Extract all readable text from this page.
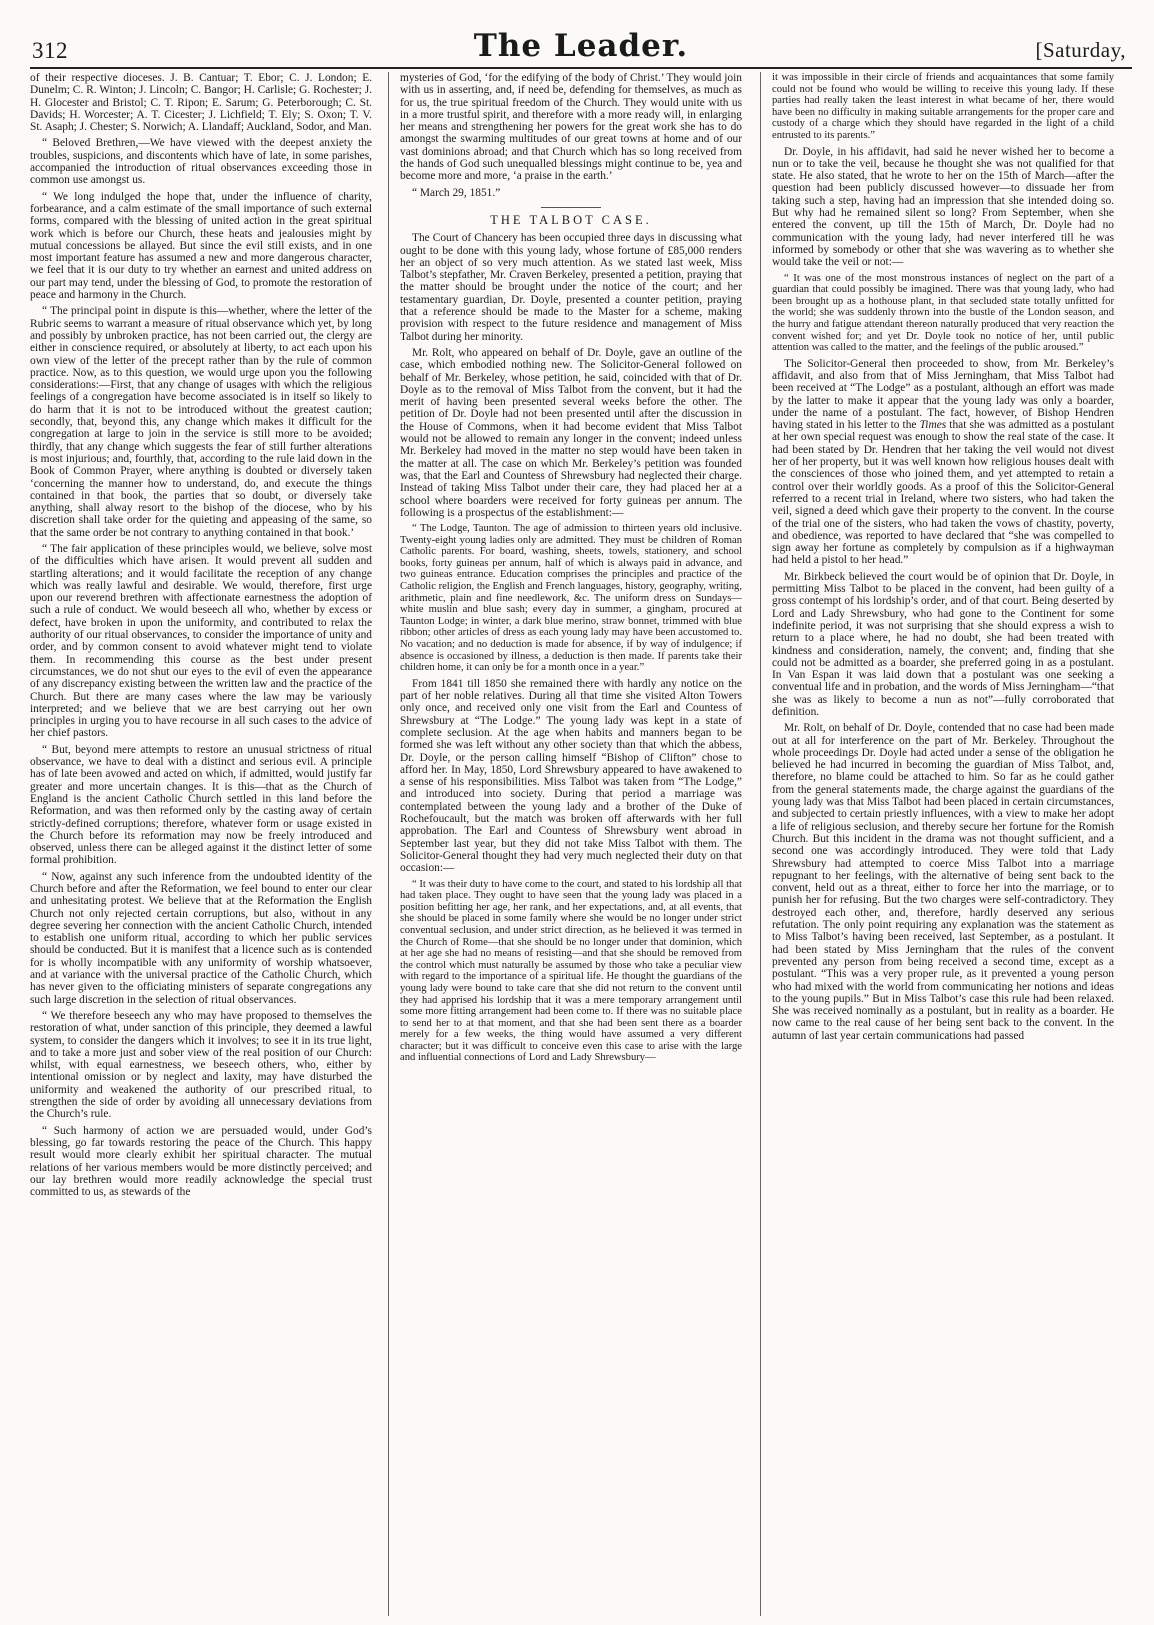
312	The Leader.	[Saturday,

of their respective dioceses. J. B. Cantuar; T. Ebor; C. J. London; E. Dunelm; C. R. Winton; J. Lincoln; C. Bangor; H. Carlisle; G. Rochester; J. H. Glocester and Bristol; C. T. Ripon; E. Sarum; G. Peterborough; C. St. Davids; H. Worcester; A. T. Cicester; J. Lichfield; T. Ely; S. Oxon; T. V. St. Asaph; J. Chester; S. Norwich; A. Llandaff; Auckland, Sodor, and Man.

“ Beloved Brethren,—We have viewed with the deepest anxiety the troubles, suspicions, and discontents which have of late, in some parishes, accompanied the introduction of ritual observances exceeding those in common use amongst us.

“ We long indulged the hope that, under the influence of charity, forbearance, and a calm estimate of the small importance of such external forms, compared with the blessing of united action in the great spiritual work which is before our Church, these heats and jealousies might by mutual concessions be allayed. But since the evil still exists, and in one most important feature has assumed a new and more dangerous character, we feel that it is our duty to try whether an earnest and united address on our part may tend, under the blessing of God, to promote the restoration of peace and harmony in the Church.

“ The principal point in dispute is this—whether, where the letter of the Rubric seems to warrant a measure of ritual observance which yet, by long and possibly by unbroken practice, has not been carried out, the clergy are either in conscience required, or absolutely at liberty, to act each upon his own view of the letter of the precept rather than by the rule of common practice. Now, as to this question, we would urge upon you the following considerations:—First, that any change of usages with which the religious feelings of a congregation have become associated is in itself so likely to do harm that it is not to be introduced without the greatest caution; secondly, that, beyond this, any change which makes it difficult for the congregation at large to join in the service is still more to be avoided; thirdly, that any change which suggests the fear of still further alterations is most injurious; and, fourthly, that, according to the rule laid down in the Book of Common Prayer, where anything is doubted or diversely taken ‘concerning the manner how to understand, do, and execute the things contained in that book, the parties that so doubt, or diversely take anything, shall alway resort to the bishop of the diocese, who by his discretion shall take order for the quieting and appeasing of the same, so that the same order be not contrary to anything contained in that book.’

“ The fair application of these principles would, we believe, solve most of the difficulties which have arisen. It would prevent all sudden and startling alterations; and it would facilitate the reception of any change which was really lawful and desirable. We would, therefore, first urge upon our reverend brethren with affectionate earnestness the adoption of such a rule of conduct. We would beseech all who, whether by excess or defect, have broken in upon the uniformity, and contributed to relax the authority of our ritual observances, to consider the importance of unity and order, and by common consent to avoid whatever might tend to violate them. In recommending this course as the best under present circumstances, we do not shut our eyes to the evil of even the appearance of any discrepancy existing between the written law and the practice of the Church. But there are many cases where the law may be variously interpreted; and we believe that we are best carrying out her own principles in urging you to have recourse in all such cases to the advice of her chief pastors.

“ But, beyond mere attempts to restore an unusual strictness of ritual observance, we have to deal with a distinct and serious evil. A principle has of late been avowed and acted on which, if admitted, would justify far greater and more uncertain changes. It is this—that as the Church of England is the ancient Catholic Church settled in this land before the Reformation, and was then reformed only by the casting away of certain strictly-defined corruptions; therefore, whatever form or usage existed in the Church before its reformation may now be freely introduced and observed, unless there can be alleged against it the distinct letter of some formal prohibition.

“ Now, against any such inference from the undoubted identity of the Church before and after the Reformation, we feel bound to enter our clear and unhesitating protest. We believe that at the Reformation the English Church not only rejected certain corruptions, but also, without in any degree severing her connection with the ancient Catholic Church, intended to establish one uniform ritual, according to which her public services should be conducted. But it is manifest that a licence such as is contended for is wholly incompatible with any uniformity of worship whatsoever, and at variance with the universal practice of the Catholic Church, which has never given to the officiating ministers of separate congregations any such large discretion in the selection of ritual observances.

“ We therefore beseech any who may have proposed to themselves the restoration of what, under sanction of this principle, they deemed a lawful system, to consider the dangers which it involves; to see it in its true light, and to take a more just and sober view of the real position of our Church: whilst, with equal earnestness, we beseech others, who, either by intentional omission or by neglect and laxity, may have disturbed the uniformity and weakened the authority of our prescribed ritual, to strengthen the side of order by avoiding all unnecessary deviations from the Church’s rule.

“ Such harmony of action we are persuaded would, under God’s blessing, go far towards restoring the peace of the Church. This happy result would more clearly exhibit her spiritual character. The mutual relations of her various members would be more distinctly perceived; and our lay brethren would more readily acknowledge the special trust committed to us, as stewards of the

mysteries of God, ‘for the edifying of the body of Christ.’ They would join with us in asserting, and, if need be, defending for themselves, as much as for us, the true spiritual freedom of the Church. They would unite with us in a more trustful spirit, and therefore with a more ready will, in enlarging her means and strengthening her powers for the great work she has to do amongst the swarming multitudes of our great towns at home and of our vast dominions abroad; and that Church which has so long received from the hands of God such unequalled blessings might continue to be, yea and become more and more, ‘a praise in the earth.’

“ March 29, 1851.”

THE TALBOT CASE.

The Court of Chancery has been occupied three days in discussing what ought to be done with this young lady, whose fortune of £85,000 renders her an object of so very much attention. As we stated last week, Miss Talbot’s stepfather, Mr. Craven Berkeley, presented a petition, praying that the matter should be brought under the notice of the court; and her testamentary guardian, Dr. Doyle, presented a counter petition, praying that a reference should be made to the Master for a scheme, making provision with respect to the future residence and management of Miss Talbot during her minority.

Mr. Rolt, who appeared on behalf of Dr. Doyle, gave an outline of the case, which embodied nothing new. The Solicitor-General followed on behalf of Mr. Berkeley, whose petition, he said, coincided with that of Dr. Doyle as to the removal of Miss Talbot from the convent, but it had the merit of having been presented several weeks before the other. The petition of Dr. Doyle had not been presented until after the discussion in the House of Commons, when it had become evident that Miss Talbot would not be allowed to remain any longer in the convent; indeed unless Mr. Berkeley had moved in the matter no step would have been taken in the matter at all. The case on which Mr. Berkeley’s petition was founded was, that the Earl and Countess of Shrewsbury had neglected their charge. Instead of taking Miss Talbot under their care, they had placed her at a school where boarders were received for forty guineas per annum. The following is a prospectus of the establishment:—

“ The Lodge, Taunton. The age of admission to thirteen years old inclusive. Twenty-eight young ladies only are admitted. They must be children of Roman Catholic parents. For board, washing, sheets, towels, stationery, and school books, forty guineas per annum, half of which is always paid in advance, and two guineas entrance. Education comprises the principles and practice of the Catholic religion, the English and French languages, history, geography, writing, arithmetic, plain and fine needlework, &c. The uniform dress on Sundays—white muslin and blue sash; every day in summer, a gingham, procured at Taunton Lodge; in winter, a dark blue merino, straw bonnet, trimmed with blue ribbon; other articles of dress as each young lady may have been accustomed to. No vacation; and no deduction is made for absence, if by way of indulgence; if absence is occasioned by illness, a deduction is then made. If parents take their children home, it can only be for a month once in a year.”

From 1841 till 1850 she remained there with hardly any notice on the part of her noble relatives. During all that time she visited Alton Towers only once, and received only one visit from the Earl and Countess of Shrewsbury at “The Lodge.” The young lady was kept in a state of complete seclusion. At the age when habits and manners began to be formed she was left without any other society than that which the abbess, Dr. Doyle, or the person calling himself “Bishop of Clifton” chose to afford her. In May, 1850, Lord Shrewsbury appeared to have awakened to a sense of his responsibilities. Miss Talbot was taken from “The Lodge,” and introduced into society. During that period a marriage was contemplated between the young lady and a brother of the Duke of Rochefoucault, but the match was broken off afterwards with her full approbation. The Earl and Countess of Shrewsbury went abroad in September last year, but they did not take Miss Talbot with them. The Solicitor-General thought they had very much neglected their duty on that occasion:—

“ It was their duty to have come to the court, and stated to his lordship all that had taken place. They ought to have seen that the young lady was placed in a position befitting her age, her rank, and her expectations, and, at all events, that she should be placed in some family where she would be no longer under strict conventual seclusion, and under strict direction, as he believed it was termed in the Church of Rome—that she should be no longer under that dominion, which at her age she had no means of resisting—and that she should be removed from the control which must naturally be assumed by those who take a peculiar view with regard to the importance of a spiritual life. He thought the guardians of the young lady were bound to take care that she did not return to the convent until they had apprised his lordship that it was a mere temporary arrangement until some more fitting arrangement had been come to. If there was no suitable place to send her to at that moment, and that she had been sent there as a boarder merely for a few weeks, the thing would have assumed a very different character; but it was difficult to conceive even this case to arise with the large and influential connections of Lord and Lady Shrewsbury—

it was impossible in their circle of friends and acquaintances that some family could not be found who would be willing to receive this young lady. If these parties had really taken the least interest in what became of her, there would have been no difficulty in making suitable arrangements for the proper care and custody of a charge which they should have regarded in the light of a child entrusted to its parents.”

Dr. Doyle, in his affidavit, had said he never wished her to become a nun or to take the veil, because he thought she was not qualified for that state. He also stated, that he wrote to her on the 15th of March—after the question had been publicly discussed however—to dissuade her from taking such a step, having had an impression that she intended doing so. But why had he remained silent so long? From September, when she entered the convent, up till the 15th of March, Dr. Doyle had no communication with the young lady, had never interfered till he was informed by somebody or other that she was wavering as to whether she would take the veil or not:—

“ It was one of the most monstrous instances of neglect on the part of a guardian that could possibly be imagined. There was that young lady, who had been brought up as a hothouse plant, in that secluded state totally unfitted for the world; she was suddenly thrown into the bustle of the London season, and the hurry and fatigue attendant thereon naturally produced that very reaction the convent wished for; and yet Dr. Doyle took no notice of her, until public attention was called to the matter, and the feelings of the public aroused.”

The Solicitor-General then proceeded to show, from Mr. Berkeley’s affidavit, and also from that of Miss Jerningham, that Miss Talbot had been received at “The Lodge” as a postulant, although an effort was made by the latter to make it appear that the young lady was only a boarder, under the name of a postulant. The fact, however, of Bishop Hendren having stated in his letter to the Times that she was admitted as a postulant at her own special request was enough to show the real state of the case. It had been stated by Dr. Hendren that her taking the veil would not divest her of her property, but it was well known how religious houses dealt with the consciences of those who joined them, and yet attempted to retain a control over their worldly goods. As a proof of this the Solicitor-General referred to a recent trial in Ireland, where two sisters, who had taken the veil, signed a deed which gave their property to the convent. In the course of the trial one of the sisters, who had taken the vows of chastity, poverty, and obedience, was reported to have declared that “she was compelled to sign away her fortune as completely by compulsion as if a highwayman had held a pistol to her head.”

Mr. Birkbeck believed the court would be of opinion that Dr. Doyle, in permitting Miss Talbot to be placed in the convent, had been guilty of a gross contempt of his lordship’s order, and of that court. Being deserted by Lord and Lady Shrewsbury, who had gone to the Continent for some indefinite period, it was not surprising that she should express a wish to return to a place where, he had no doubt, she had been treated with kindness and consideration, namely, the convent; and, finding that she could not be admitted as a boarder, she preferred going in as a postulant. In Van Espan it was laid down that a postulant was one seeking a conventual life and in probation, and the words of Miss Jerningham—“that she was as likely to become a nun as not”—fully corroborated that definition.

Mr. Rolt, on behalf of Dr. Doyle, contended that no case had been made out at all for interference on the part of Mr. Berkeley. Throughout the whole proceedings Dr. Doyle had acted under a sense of the obligation he believed he had incurred in becoming the guardian of Miss Talbot, and, therefore, no blame could be attached to him. So far as he could gather from the general statements made, the charge against the guardians of the young lady was that Miss Talbot had been placed in certain circumstances, and subjected to certain priestly influences, with a view to make her adopt a life of religious seclusion, and thereby secure her fortune for the Romish Church. But this incident in the drama was not thought sufficient, and a second one was accordingly introduced. They were told that Lady Shrewsbury had attempted to coerce Miss Talbot into a marriage repugnant to her feelings, with the alternative of being sent back to the convent, held out as a threat, either to force her into the marriage, or to punish her for refusing. But the two charges were self-contradictory. They destroyed each other, and, therefore, hardly deserved any serious refutation. The only point requiring any explanation was the statement as to Miss Talbot’s having been received, last September, as a postulant. It had been stated by Miss Jerningham that the rules of the convent prevented any person from being received a second time, except as a postulant. “This was a very proper rule, as it prevented a young person who had mixed with the world from communicating her notions and ideas to the young pupils.” But in Miss Talbot’s case this rule had been relaxed. She was received nominally as a postulant, but in reality as a boarder. He now came to the real cause of her being sent back to the convent. In the autumn of last year certain communications had passed
